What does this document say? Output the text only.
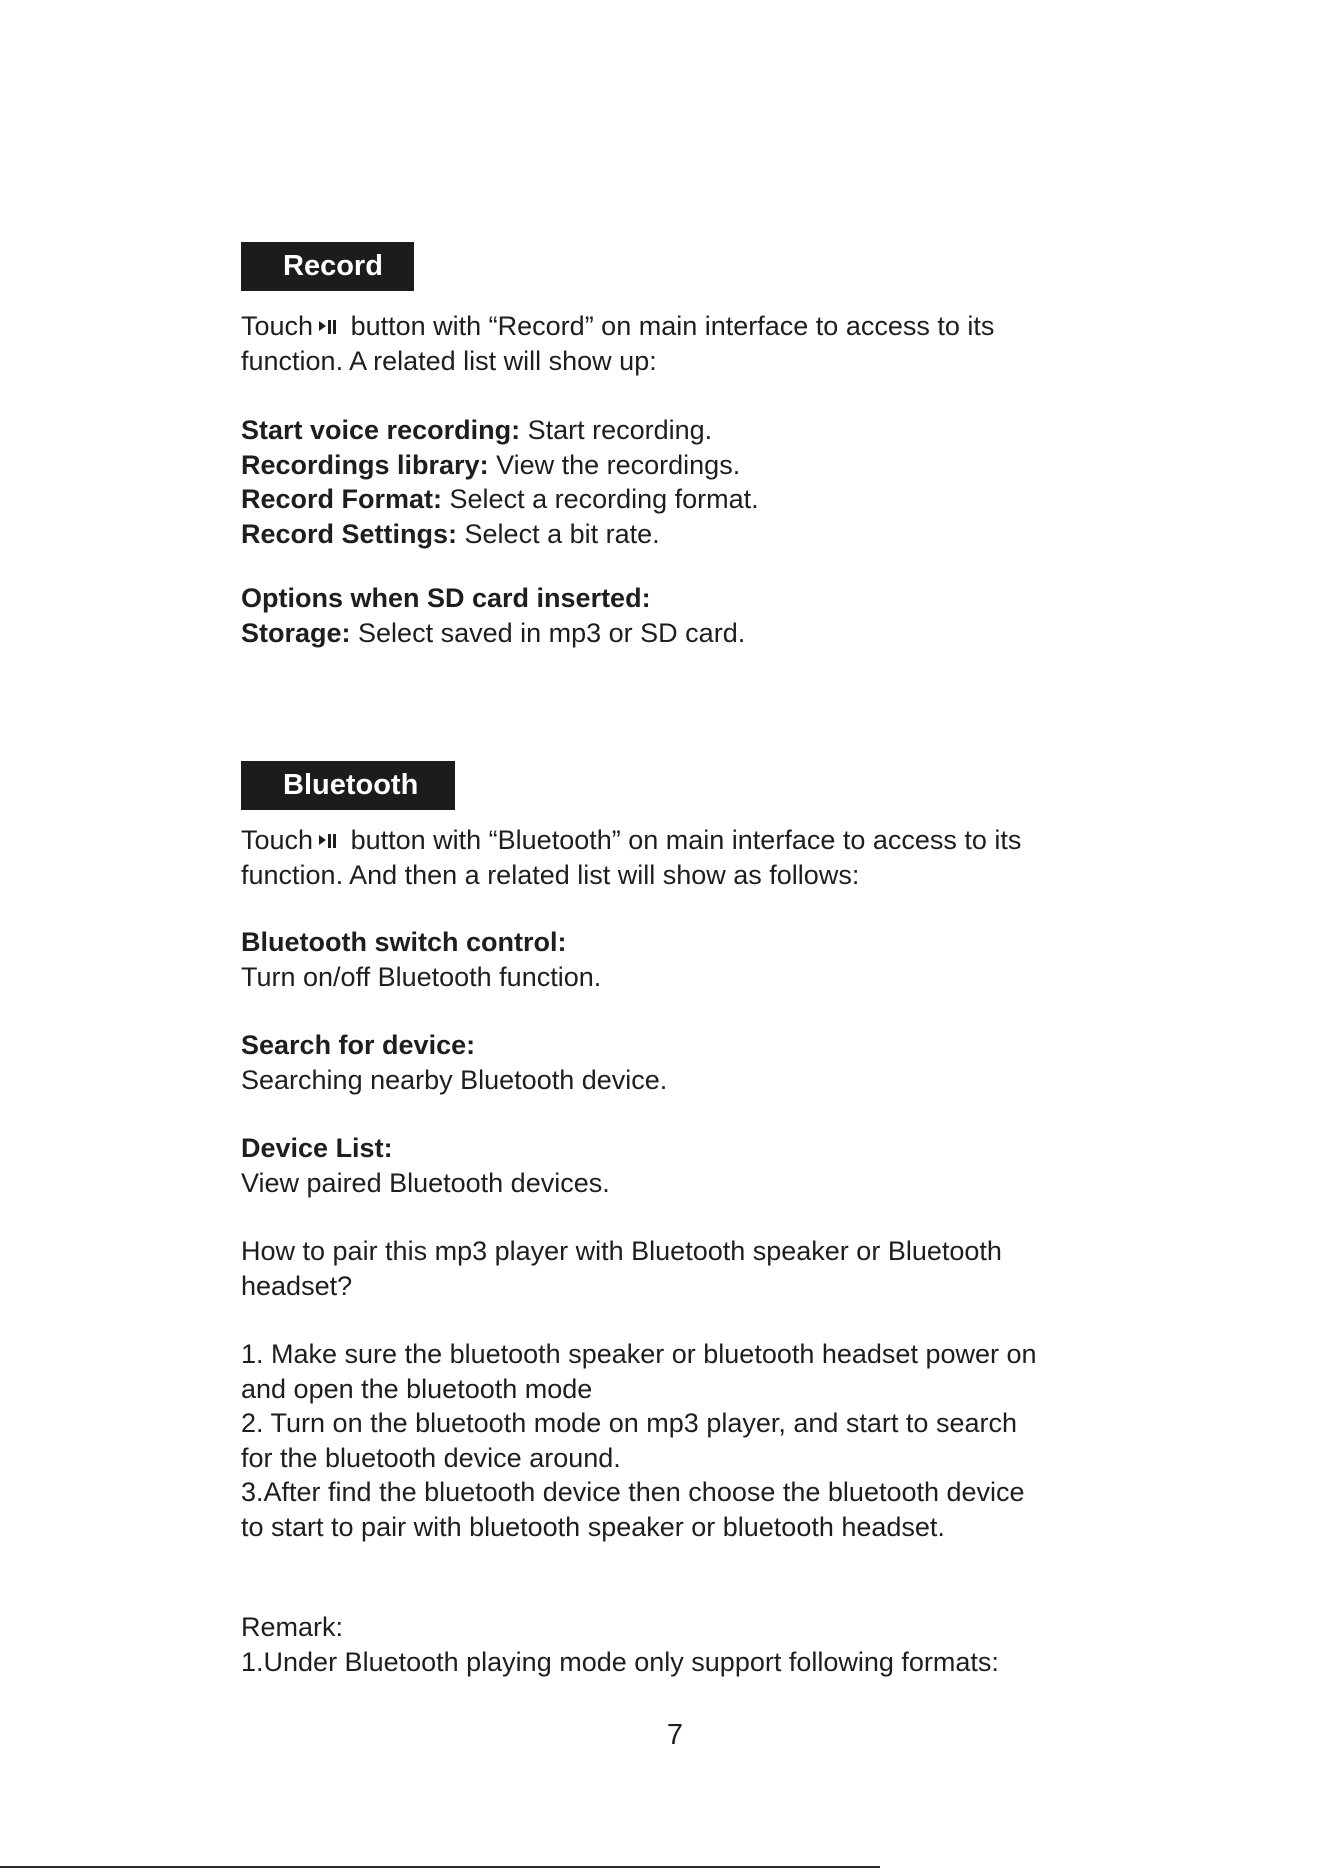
Record
Touch button with “Record” on main interface to access to its
function. A related list will show up:
Start voice recording: Start recording.
Recordings library: View the recordings.
Record Format: Select a recording format.
Record Settings: Select a bit rate.
Options when SD card inserted:
Storage: Select saved in mp3 or SD card.
Bluetooth
Touch button with “Bluetooth” on main interface to access to its
function. And then a related list will show as follows:
Bluetooth switch control:
Turn on/off Bluetooth function.
Search for device:
Searching nearby Bluetooth device.
Device List:
View paired Bluetooth devices.
How to pair this mp3 player with Bluetooth speaker or Bluetooth
headset?
1. Make sure the bluetooth speaker or bluetooth headset power on
and open the bluetooth mode
2. Turn on the bluetooth mode on mp3 player, and start to search
for the bluetooth device around.
3.After find the bluetooth device then choose the bluetooth device
to start to pair with bluetooth speaker or bluetooth headset.
Remark:
1.Under Bluetooth playing mode only support following formats:
7
